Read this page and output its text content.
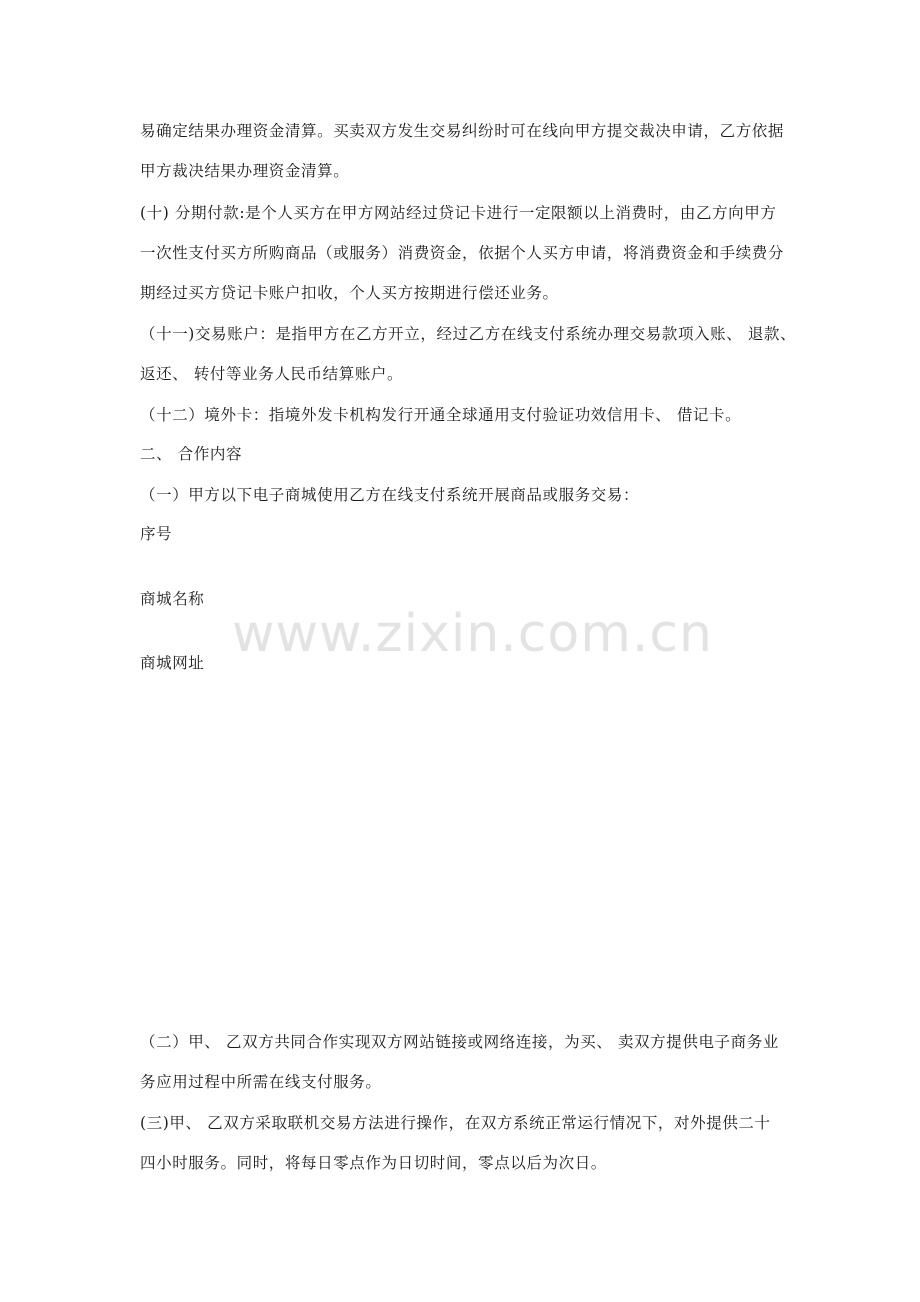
www.zixin.com.cn
易确定结果办理资金清算。买卖双方发生交易纠纷时可在线向甲方提交裁决申请，乙方依据
甲方裁决结果办理资金清算。
(十) 分期付款:是个人买方在甲方网站经过贷记卡进行一定限额以上消费时，由乙方向甲方
一次性支付买方所购商品（或服务）消费资金，依据个人买方申请，将消费资金和手续费分
期经过买方贷记卡账户扣收，个人买方按期进行偿还业务。
（十一)交易账户：是指甲方在乙方开立，经过乙方在线支付系统办理交易款项入账、 退款、
返还、 转付等业务人民币结算账户。
（十二）境外卡：指境外发卡机构发行开通全球通用支付验证功效信用卡、 借记卡。
二、 合作内容
（一）甲方以下电子商城使用乙方在线支付系统开展商品或服务交易：
序号
商城名称
商城网址
（二）甲、 乙双方共同合作实现双方网站链接或网络连接，为买、 卖双方提供电子商务业
务应用过程中所需在线支付服务。
(三)甲、 乙双方采取联机交易方法进行操作，在双方系统正常运行情况下，对外提供二十
四小时服务。同时，将每日零点作为日切时间，零点以后为次日。
